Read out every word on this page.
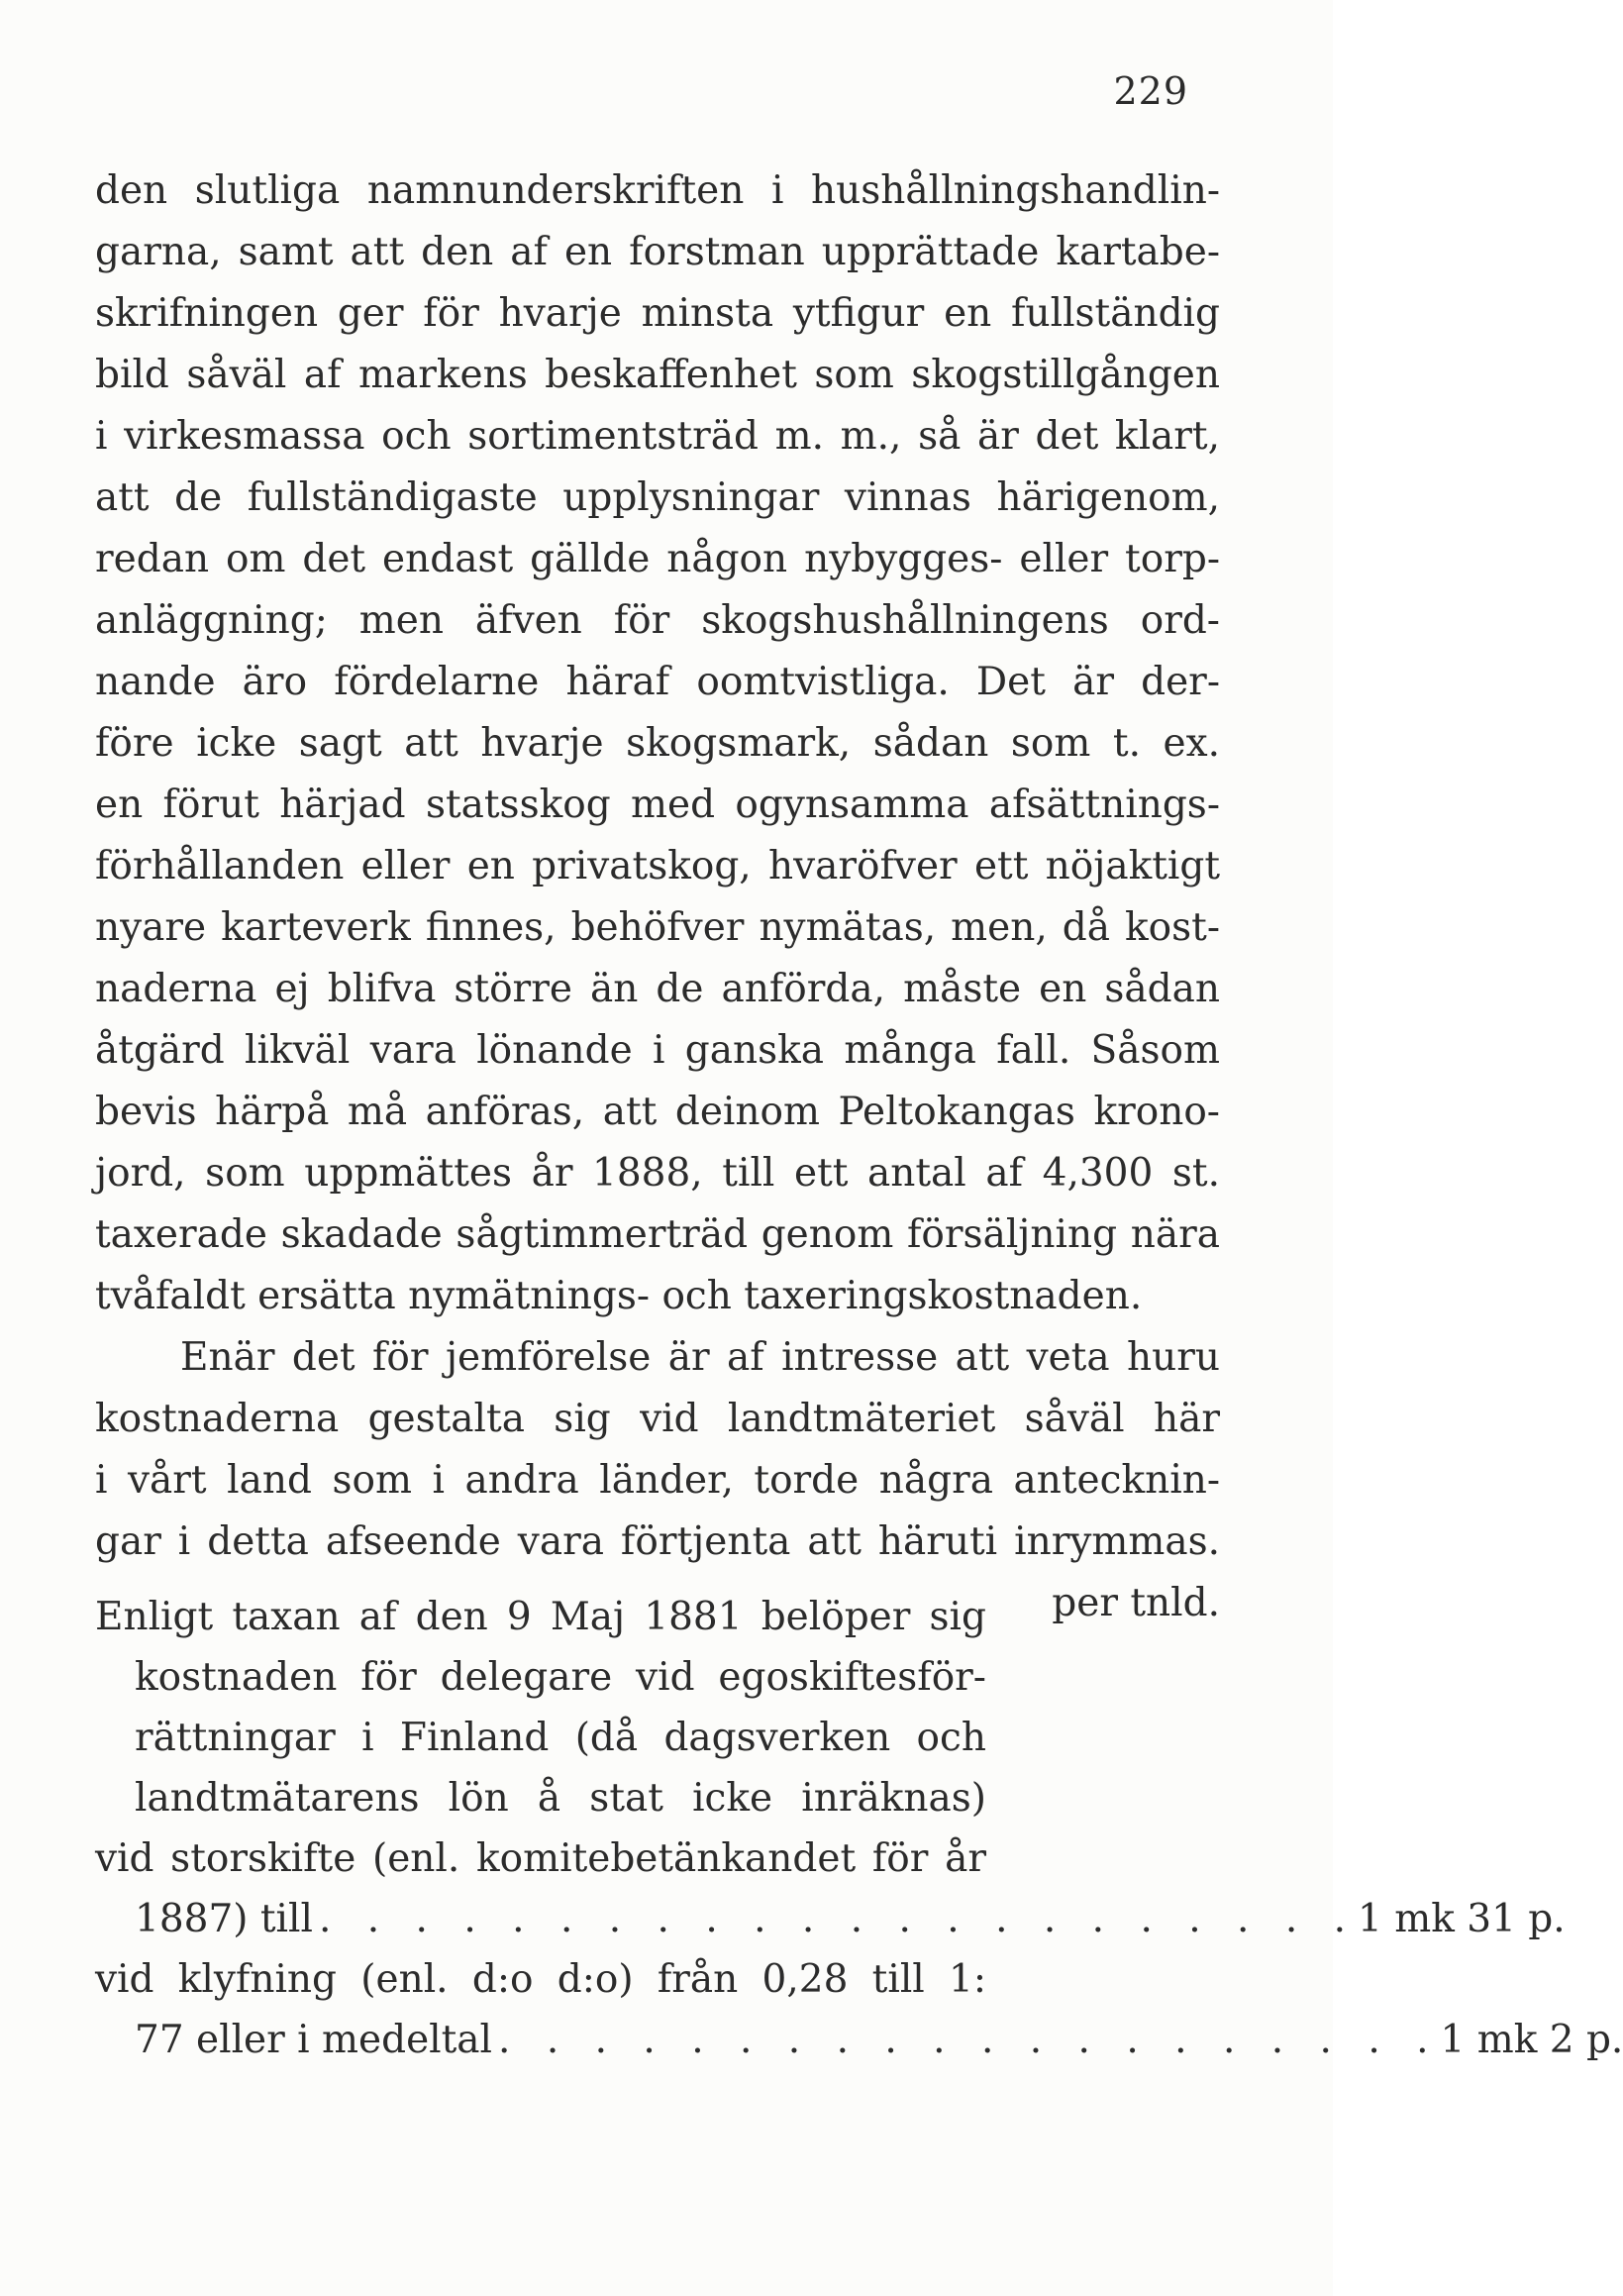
229
den slutliga namnunderskriften i hushållningshandlin-
garna, samt att den af en forstman upprättade kartabe-
skrifningen ger för hvarje minsta ytfigur en fullständig
bild såväl af markens beskaffenhet som skogstillgången
i virkesmassa och sortimentsträd m. m., så är det klart,
att de fullständigaste upplysningar vinnas härigenom,
redan om det endast gällde någon nybygges- eller torp-
anläggning; men äfven för skogshushållningens ord-
nande äro fördelarne häraf oomtvistliga. Det är der-
före icke sagt att hvarje skogsmark, sådan som t. ex.
en förut härjad statsskog med ogynsamma afsättnings-
förhållanden eller en privatskog, hvaröfver ett nöjaktigt
nyare karteverk finnes, behöfver nymätas, men, då kost-
naderna ej blifva större än de anförda, måste en sådan
åtgärd likväl vara lönande i ganska många fall. Såsom
bevis härpå må anföras, att deinom Peltokangas krono-
jord, som uppmättes år 1888, till ett antal af 4,300 st.
taxerade skadade sågtimmerträd genom försäljning nära
tvåfaldt ersätta nymätnings- och taxeringskostnaden.
Enär det för jemförelse är af intresse att veta huru
kostnaderna gestalta sig vid landtmäteriet såväl här
i vårt land som i andra länder, torde några anteckni̇n-
gar i detta afseende vara förtjenta att häruti inrymmas.
per tnld.
Enligt taxan af den 9 Maj 1881 belöper sig
kostnaden för delegare vid egoskiftesför-
rättningar i Finland (då dagsverken och
landtmätarens lön å stat icke inräknas)
vid storskifte (enl. komitebetänkandet för år
1887) till . . . . . . . . . . . . . . . . . . . . . . 1 mk 31 p.
vid klyfning (enl. d:o d:o) från 0,28 till 1:
77 eller i medeltal . . . . . . . . . . . . . . . . . . . . 1 mk 2 p.
